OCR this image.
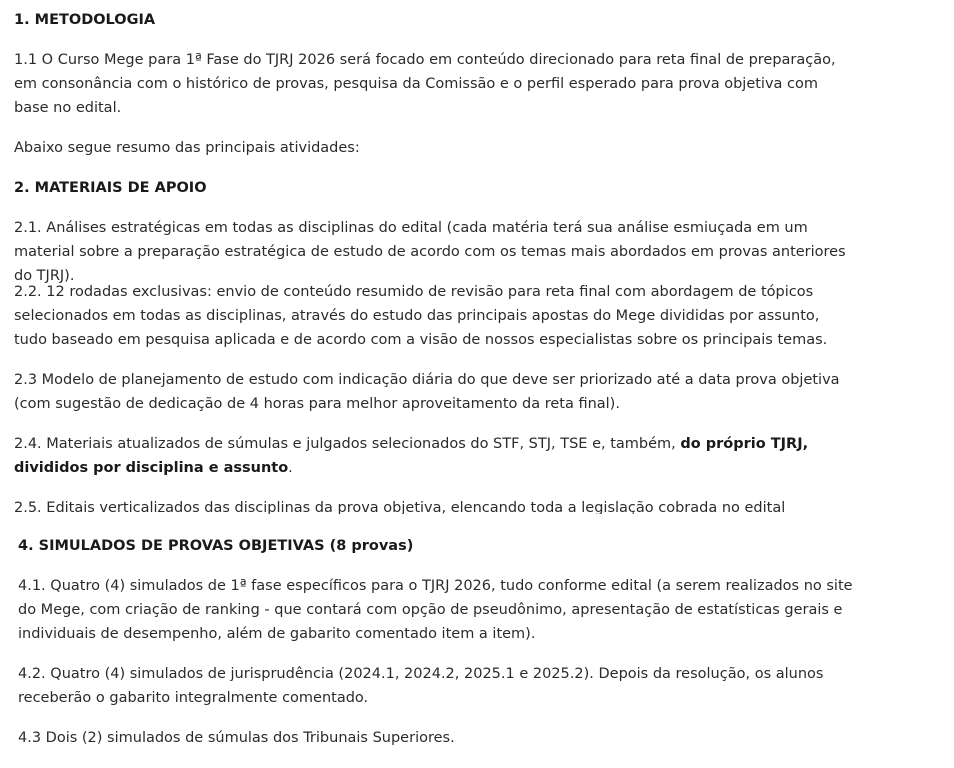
1. METODOLOGIA

1.1 O Curso Mege para 1ª Fase do TJRJ 2026 será focado em conteúdo direcionado para reta final de preparação, em consonância com o histórico de provas, pesquisa da Comissão e o perfil esperado para prova objetiva com base no edital.

Abaixo segue resumo das principais atividades:

2. MATERIAIS DE APOIO

2.1. Análises estratégicas em todas as disciplinas do edital (cada matéria terá sua análise esmiuçada em um material sobre a preparação estratégica de estudo de acordo com os temas mais abordados em provas anteriores do TJRJ).

2.2. 12 rodadas exclusivas: envio de conteúdo resumido de revisão para reta final com abordagem de tópicos selecionados em todas as disciplinas, através do estudo das principais apostas do Mege divididas por assunto, tudo baseado em pesquisa aplicada e de acordo com a visão de nossos especialistas sobre os principais temas.

2.3 Modelo de planejamento de estudo com indicação diária do que deve ser priorizado até a data prova objetiva (com sugestão de dedicação de 4 horas para melhor aproveitamento da reta final).

2.4. Materiais atualizados de súmulas e julgados selecionados do STF, STJ, TSE e, também, do próprio TJRJ, divididos por disciplina e assunto.

2.5. Editais verticalizados das disciplinas da prova objetiva, elencando toda a legislação cobrada no edital

4. SIMULADOS DE PROVAS OBJETIVAS (8 provas)

4.1. Quatro (4) simulados de 1ª fase específicos para o TJRJ 2026, tudo conforme edital (a serem realizados no site do Mege, com criação de ranking - que contará com opção de pseudônimo, apresentação de estatísticas gerais e individuais de desempenho, além de gabarito comentado item a item).

4.2. Quatro (4) simulados de jurisprudência (2024.1, 2024.2, 2025.1 e 2025.2). Depois da resolução, os alunos receberão o gabarito integralmente comentado.

4.3 Dois (2) simulados de súmulas dos Tribunais Superiores.
